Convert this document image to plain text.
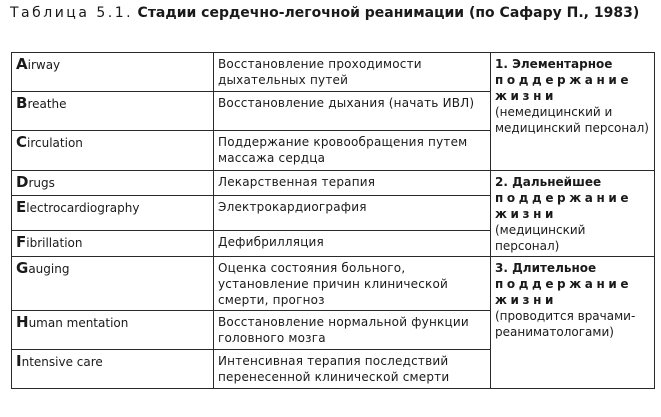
Таблица 5.1. Стадии сердечно-легочной реанимации (по Сафару П., 1983)

Airway	Восстановление проходимости дыхательных путей	1. Элементарное
поддержание жизни
(немедицинский и медицинский персонал)

Breathe	Восстановление дыхания (начать ИВЛ)	
Circulation	Поддержание кровообращения путем массажа сердца	
Drugs	Лекарственная терапия	2. Дальнейшее
поддержание жизни
(медицинский персонал)

Electrocardiography	Электрокардиография	
Fibrillation	Дефибрилляция	
Gauging	Оценка состояния больного, установление причин клинической смерти, прогноз	3. Длительное
поддержание жизни
(проводится врачами-реаниматологами)

Human mentation	Восстановление нормальной функции головного мозга	
Intensive care	Интенсивная терапия последствий перенесенной клинической смерти	
